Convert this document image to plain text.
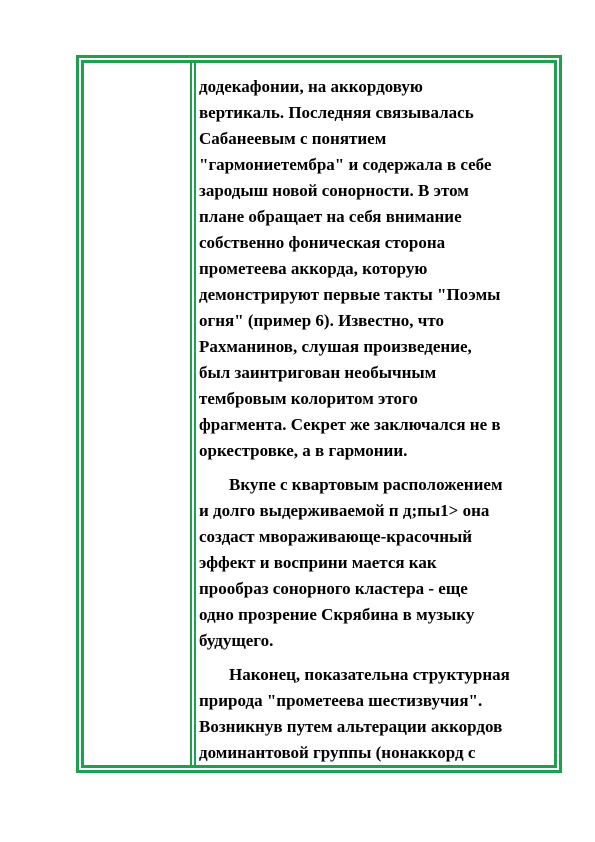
додекафонии, на аккордовую
вертикаль. Последняя связывалась
Сабанеевым с понятием
"гармониетембра" и содержала в себе
зародыш новой сонорности. В этом
плане обращает на себя внимание
собственно фоническая сторона
прометеева аккорда, которую
демонстрируют первые такты "Поэмы
огня" (пример 6). Известно, что
Рахманинов, слушая произведение,
был заинтригован необычным
тембровым колоритом этого
фрагмента. Секрет же заключался не в
оркестровке, а в гармонии.
Вкупе с квартовым расположением
и долго выдерживаемой п д;пы1> она
создаст мвораживающе-красочный
эффект и восприни мается как
прообраз сонорного кластера - еще
одно прозрение Скрябина в музыку
будущего.
Наконец, показательна структурная
природа "прометеева шестизвучия".
Возникнув путем альтерации аккордов
доминантовой группы (нонаккорд с
